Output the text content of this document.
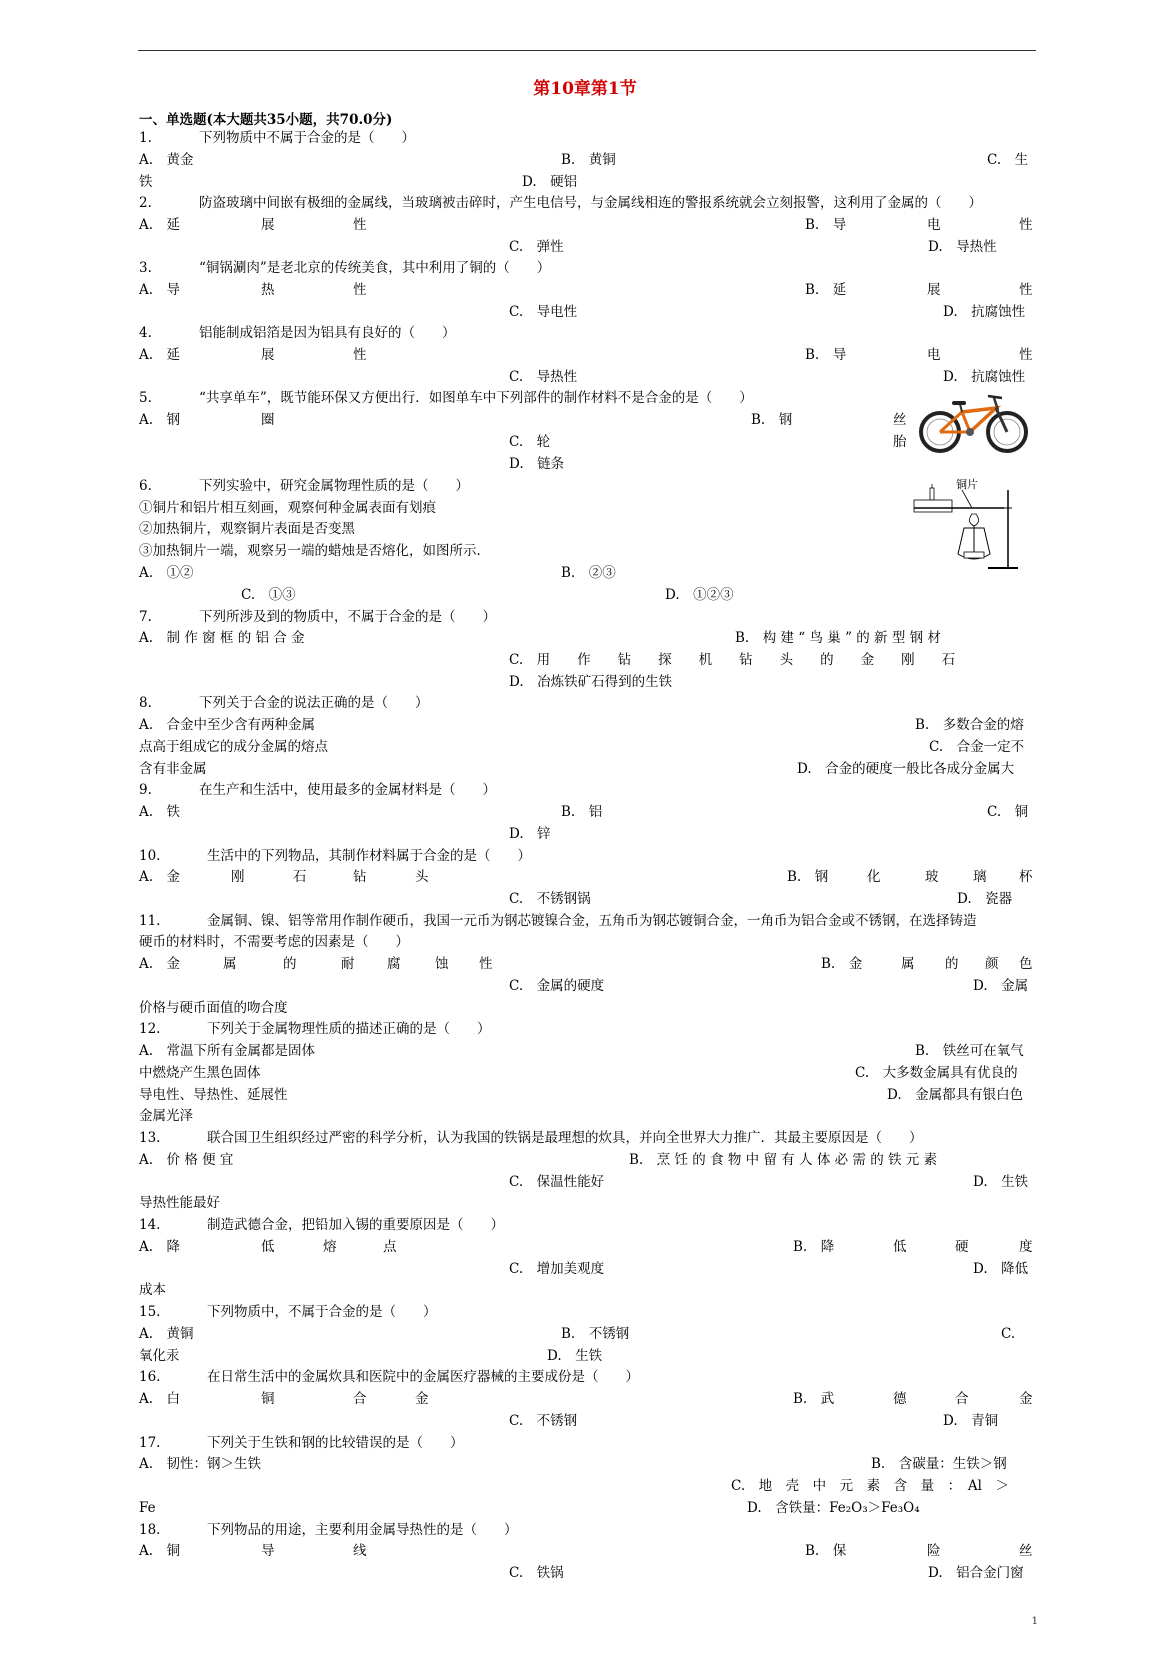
第10章第1节
一、单选题(本大题共35小题，共70.0分)
1.	下列物质中不属于合金的是（　　）
A.　黄金	B.　黄铜	C.　生
铁	D.　硬铝
2.	防盗玻璃中间嵌有极细的金属线，当玻璃被击碎时，产生电信号，与金属线相连的警报系统就会立刻报警，这利用了金属的（　　）
A.　延	展	性	B.　导	电	性
C.　弹性	D.　导热性
3.	“铜锅涮肉”是老北京的传统美食，其中利用了铜的（　　）
A.　导	热	性	B.　延	展	性
C.　导电性	D.　抗腐蚀性
4.	铝能制成铝箔是因为铝具有良好的（　　）
A.　延	展	性	B.　导	电	性
C.　导热性	D.　抗腐蚀性
5.	“共享单车”，既节能环保又方便出行．如图单车中下列部件的制作材料不是合金的是（　　）
A.　钢	圈	B.　钢	丝
C.　轮	胎
D.　链条
6.	下列实验中，研究金属物理性质的是（　　）
①铜片和铝片相互刻画，观察何种金属表面有划痕
②加热铜片，观察铜片表面是否变黑
③加热铜片一端，观察另一端的蜡烛是否熔化，如图所示．
A.　①②	B.　②③
C.　①③	D.　①②③
7.	下列所涉及到的物质中，不属于合金的是（　　）
A.　制 作 窗 框 的 铝 合 金	B.　构 建 “ 鸟 巢 ” 的 新 型 钢 材
C.　用　　作　　钻　　探　　机　　钻　　头　　的　　金　　刚　　石
D.　冶炼铁矿石得到的生铁
8.	下列关于合金的说法正确的是（　　）
A.　合金中至少含有两种金属	B.　多数合金的熔
点高于组成它的成分金属的熔点	C.　合金一定不
含有非金属	D.　合金的硬度一般比各成分金属大
9.	在生产和生活中，使用最多的金属材料是（　　）
A.　铁	B.　铝	C.　铜
D.　锌
10.	生活中的下列物品，其制作材料属于合金的是（　　）
A.　金	刚	石	钻	头	B.　钢	化	玻	璃 杯
C.　不锈钢锅	D.　瓷器
11.	金属铜、镍、铝等常用作制作硬币，我国一元币为钢芯镀镍合金，五角币为钢芯镀铜合金，一角币为铝合金或不锈钢，在选择铸造
硬币的材料时，不需要考虑的因素是（　　）
A.　金	属	的	耐 腐	蚀 性	B.　金	属 的 颜 色
C.　金属的硬度	D.　金属
价格与硬币面值的吻合度
12.	下列关于金属物理性质的描述正确的是（　　）
A.　常温下所有金属都是固体	B.　铁丝可在氧气
中燃烧产生黑色固体	C.　大多数金属具有优良的
导电性、导热性、延展性	D.　金属都具有银白色
金属光泽
13.	联合国卫生组织经过严密的科学分析，认为我国的铁锅是最理想的炊具，并向全世界大力推广．其最主要原因是（　　）
A.　价 格 便 宜	B.　烹 饪 的 食 物 中 留 有 人 体 必 需 的 铁 元 素
C.　保温性能好	D.　生铁
导热性能最好
14.	制造武德合金，把铅加入锡的重要原因是（　　）
A.　降	低	熔	点	B.　降	低	硬	度
C.　增加美观度	D.　降低
成本
15.	下列物质中，不属于合金的是（　　）
A.　黄铜	B.　不锈钢	C.
氧化汞	D.　生铁
16.	在日常生活中的金属炊具和医院中的金属医疗器械的主要成份是（　　）
A.　白	铜	合	金	B.　武	德	合	金
C.　不锈钢	D.　青铜
17.	下列关于生铁和钢的比较错误的是（　　）
A.　韧性：钢＞生铁	B.　含碳量：生铁＞钢
C.　地　壳　中　元　素　含　量　：　Al　＞
Fe	D.　含铁量：Fe₂O₃＞Fe₃O₄
18.	下列物品的用途，主要利用金属导热性的是（　　）
A.　铜	导	线	B.　保	险	丝
C.　铁锅	D.　铝合金门窗
铜片
1
